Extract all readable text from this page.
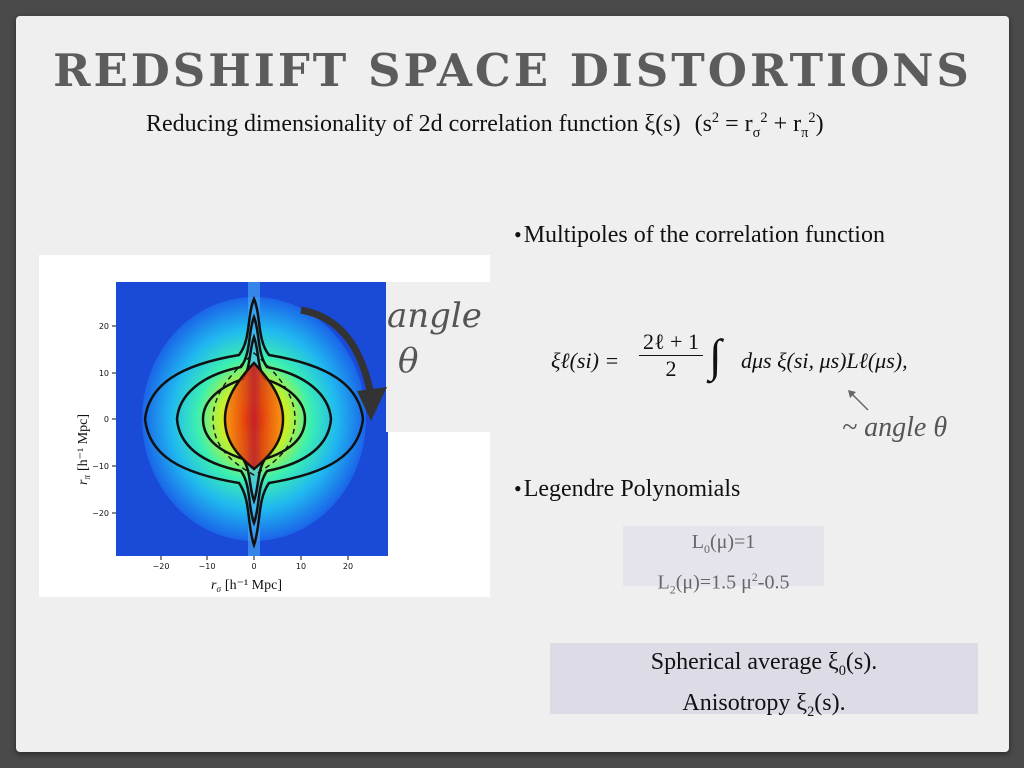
REDSHIFT SPACE DISTORTIONS
Reducing dimensionality of 2d correlation function ξ(s) $(s^2 = r_\sigma^2 + r_\pi^2)$
•Multipoles of the correlation function
−20	−10	0	10	20
20
10
0
−10
−20
$r_\sigma$ [h⁻¹ Mpc]
$r_\pi[h^{-1}$ Mpc]
angle
θ	ξℓ(si) =
2ℓ + 1
2 ∫ dμs ξ(si, μs)Lℓ(μs),
~ angle θ
•Legendre Polynomials
$L_0(\mu)=1$
$L_2(\mu)=1.5$ $\mu^2-0.5$
Spherical average $\xi_0(s)$.
Anisotropy $\xi_2(s)$.
